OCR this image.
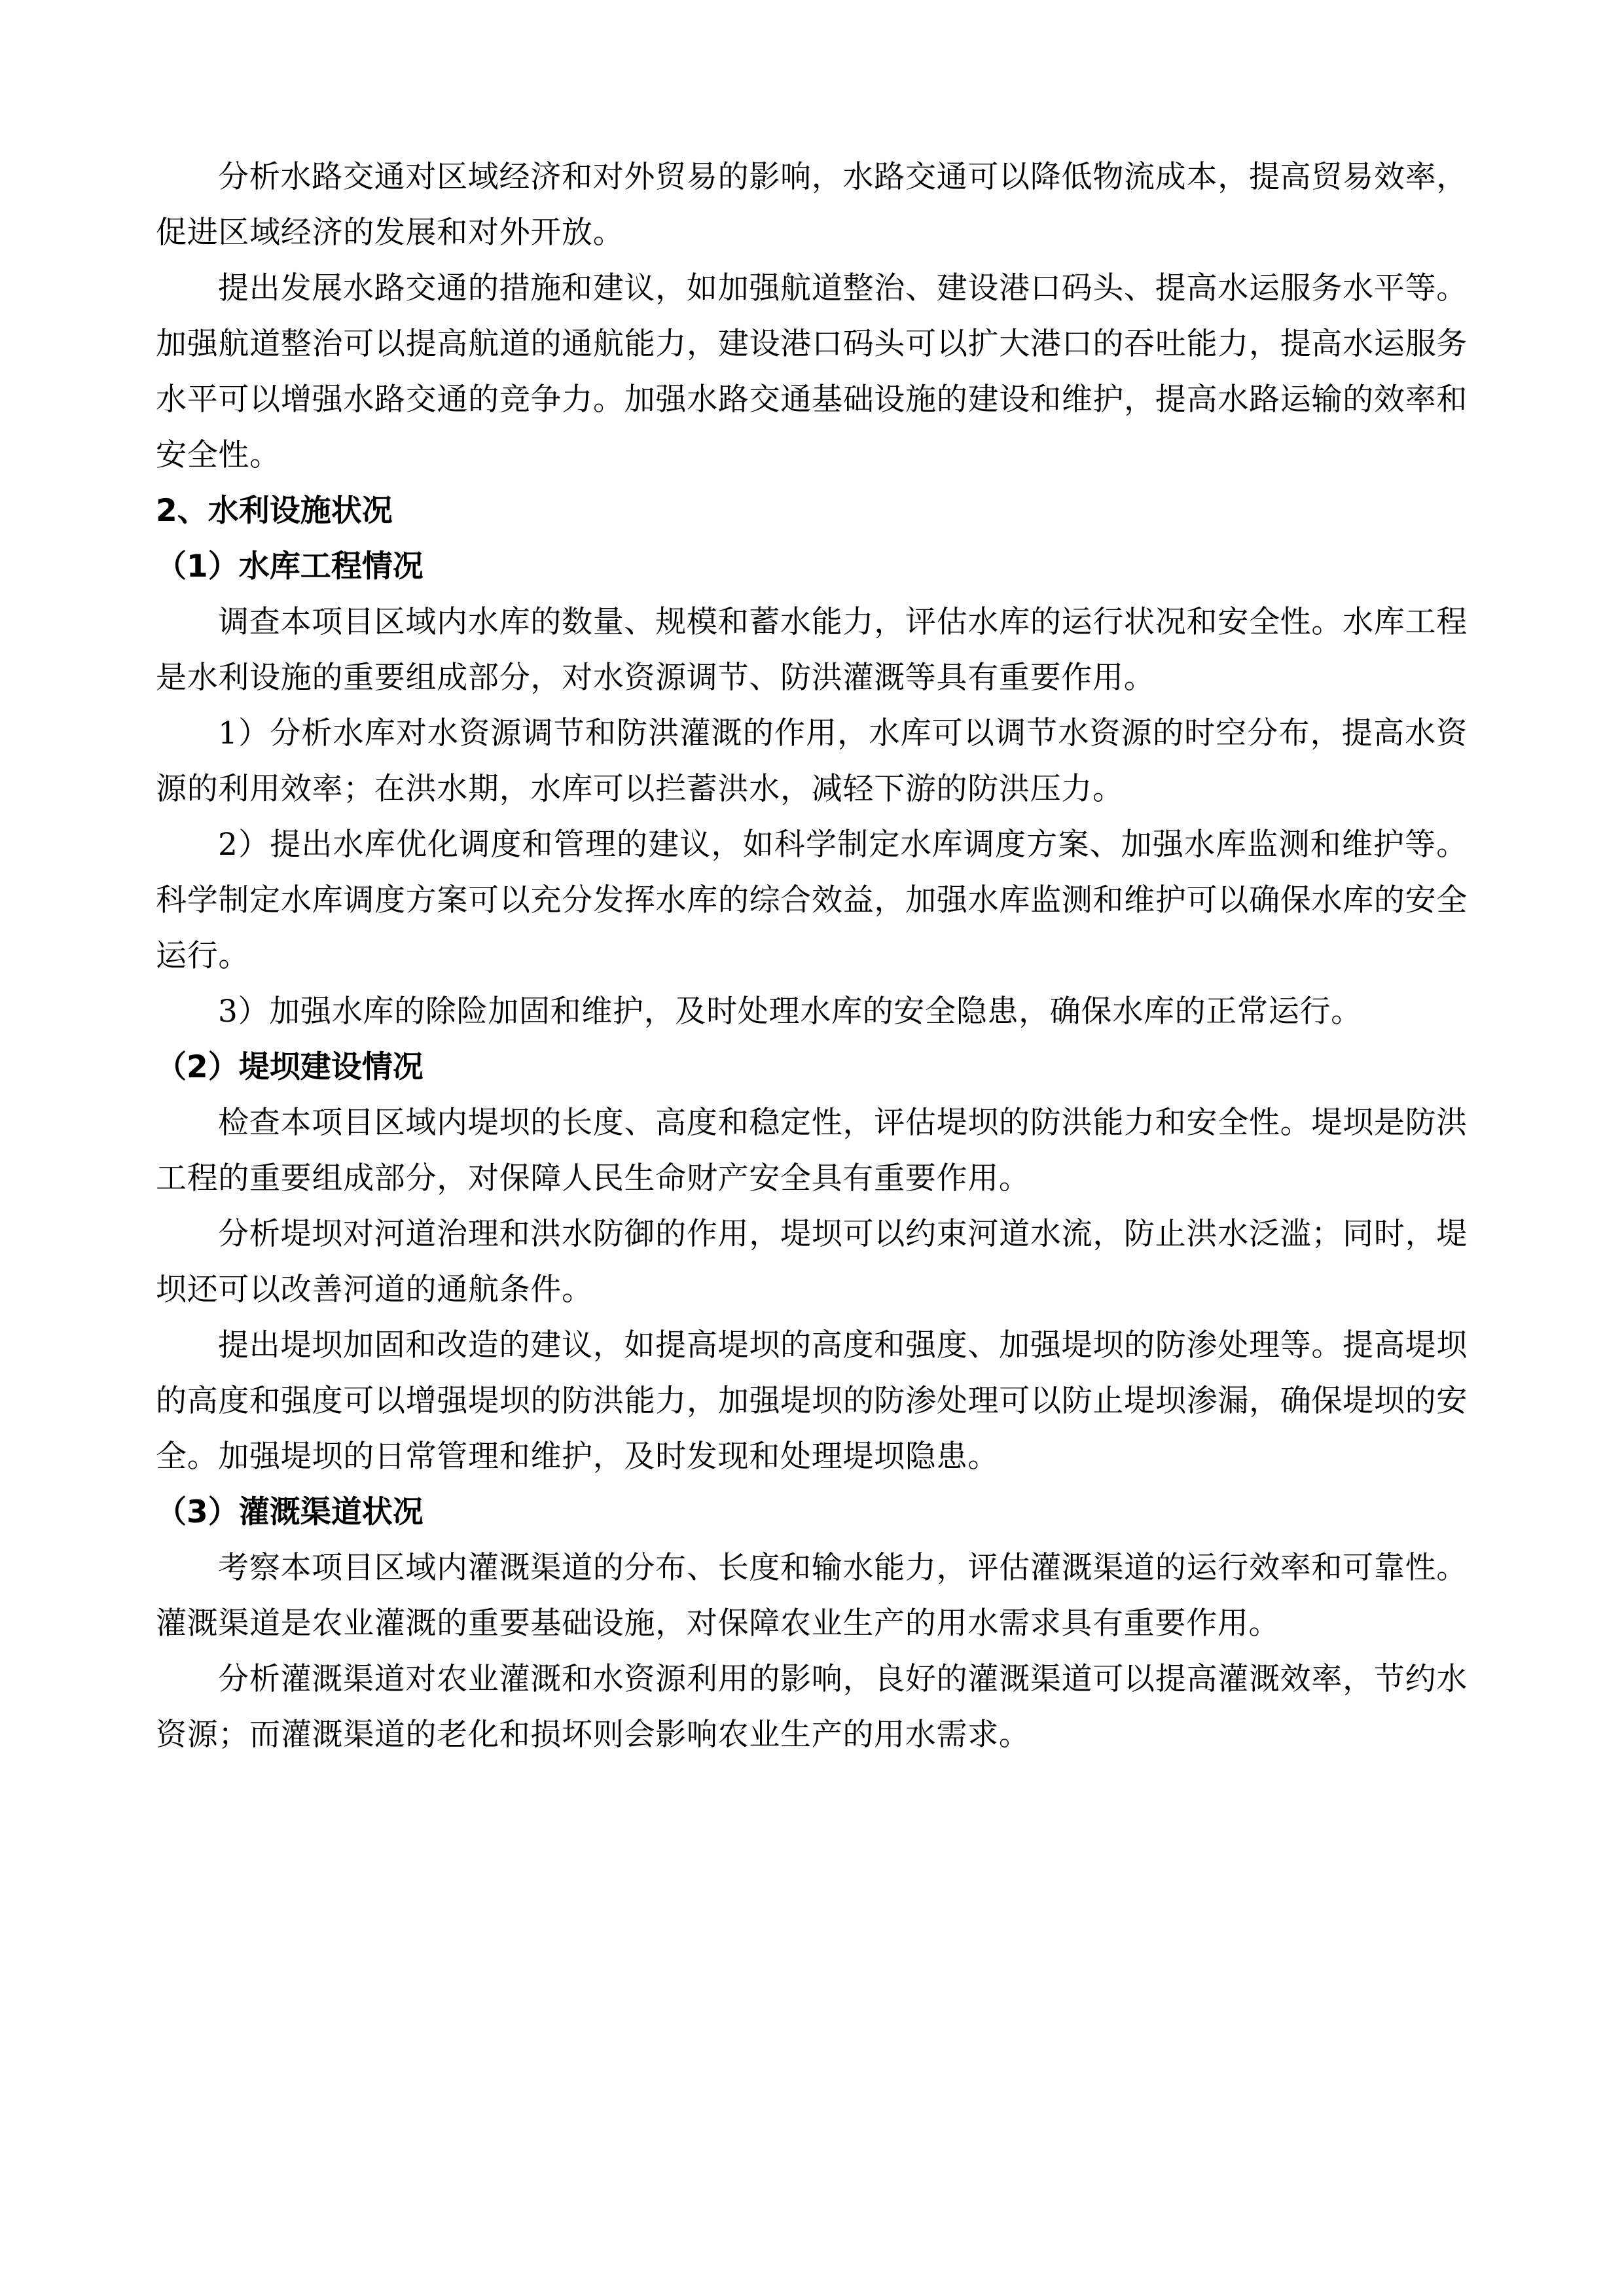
分析水路交通对区域经济和对外贸易的影响，水路交通可以降低物流成本，提高贸易效率，促进区域经济的发展和对外开放。

提出发展水路交通的措施和建议，如加强航道整治、建设港口码头、提高水运服务水平等。加强航道整治可以提高航道的通航能力，建设港口码头可以扩大港口的吞吐能力，提高水运服务水平可以增强水路交通的竞争力。加强水路交通基础设施的建设和维护，提高水路运输的效率和安全性。

2、水利设施状况
（1）水库工程情况

调查本项目区域内水库的数量、规模和蓄水能力，评估水库的运行状况和安全性。水库工程是水利设施的重要组成部分，对水资源调节、防洪灌溉等具有重要作用。

1）分析水库对水资源调节和防洪灌溉的作用，水库可以调节水资源的时空分布，提高水资源的利用效率；在洪水期，水库可以拦蓄洪水，减轻下游的防洪压力。

2）提出水库优化调度和管理的建议，如科学制定水库调度方案、加强水库监测和维护等。科学制定水库调度方案可以充分发挥水库的综合效益，加强水库监测和维护可以确保水库的安全运行。

3）加强水库的除险加固和维护，及时处理水库的安全隐患，确保水库的正常运行。

（2）堤坝建设情况

检查本项目区域内堤坝的长度、高度和稳定性，评估堤坝的防洪能力和安全性。堤坝是防洪工程的重要组成部分，对保障人民生命财产安全具有重要作用。

分析堤坝对河道治理和洪水防御的作用，堤坝可以约束河道水流，防止洪水泛滥；同时，堤坝还可以改善河道的通航条件。

提出堤坝加固和改造的建议，如提高堤坝的高度和强度、加强堤坝的防渗处理等。提高堤坝的高度和强度可以增强堤坝的防洪能力，加强堤坝的防渗处理可以防止堤坝渗漏，确保堤坝的安全。加强堤坝的日常管理和维护，及时发现和处理堤坝隐患。

（3）灌溉渠道状况

考察本项目区域内灌溉渠道的分布、长度和输水能力，评估灌溉渠道的运行效率和可靠性。灌溉渠道是农业灌溉的重要基础设施，对保障农业生产的用水需求具有重要作用。

分析灌溉渠道对农业灌溉和水资源利用的影响，良好的灌溉渠道可以提高灌溉效率，节约水资源；而灌溉渠道的老化和损坏则会影响农业生产的用水需求。
